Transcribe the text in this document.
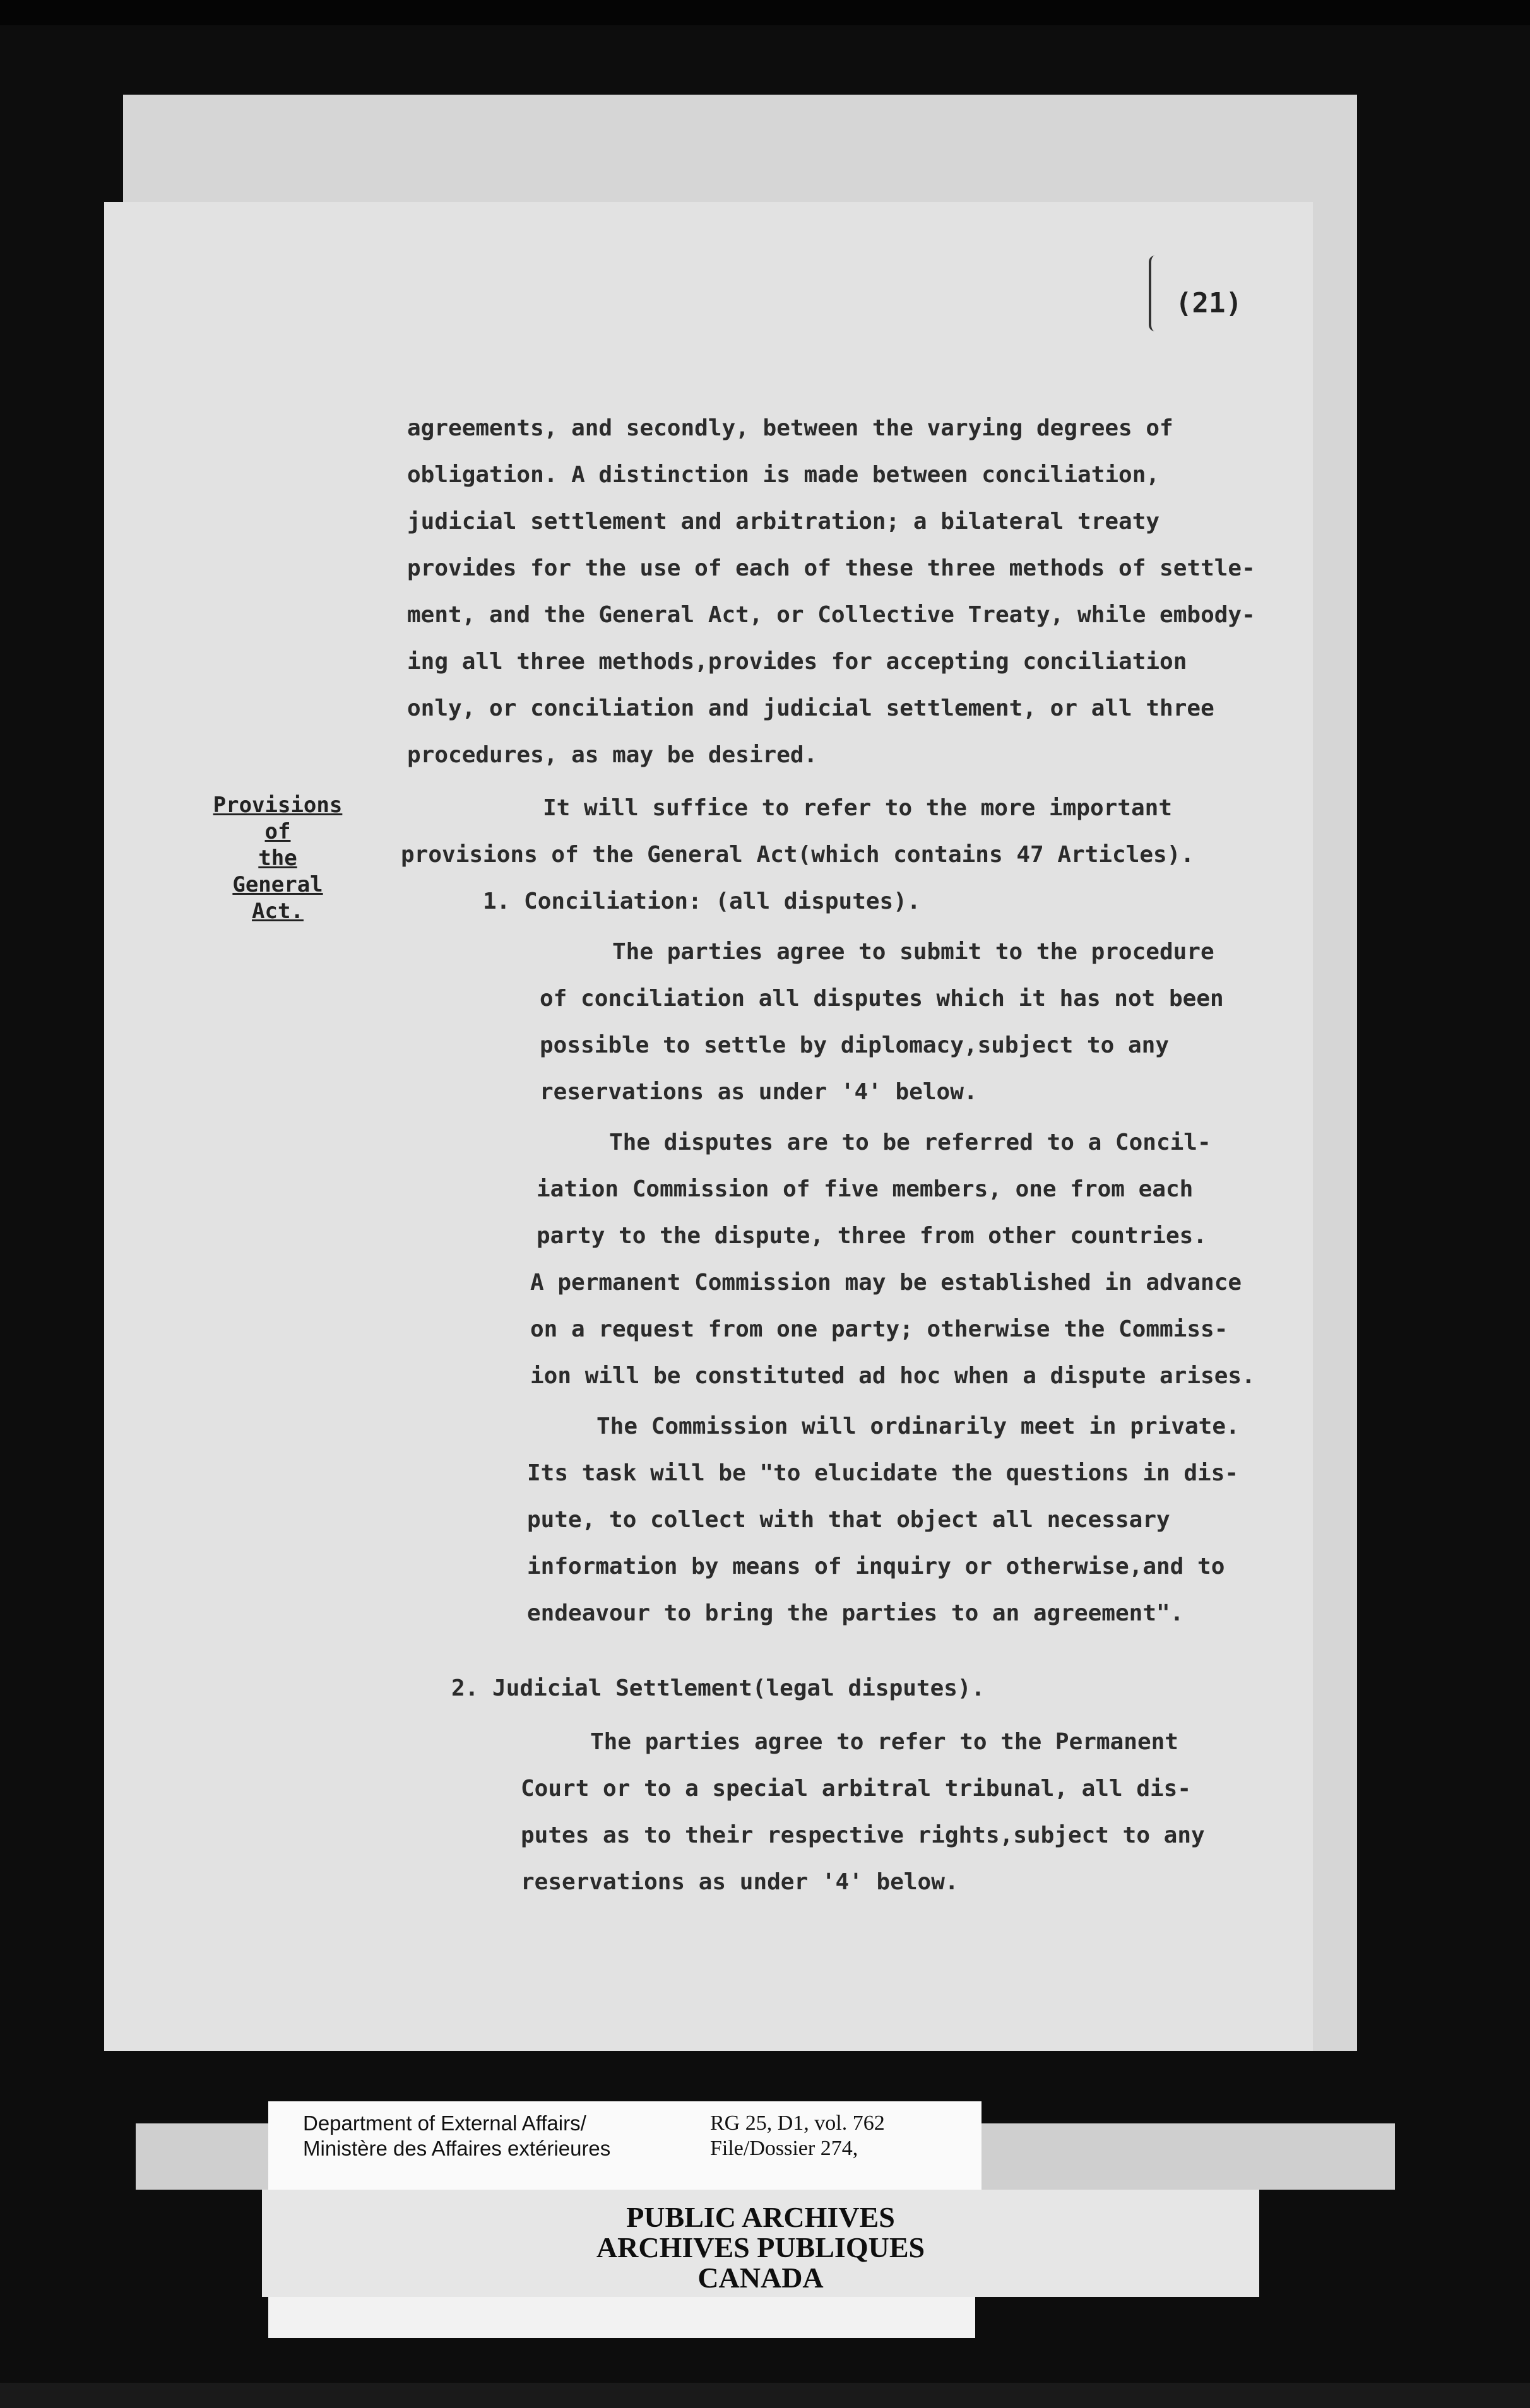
(21)
Provisions
of
the
General
Act.
agreements, and secondly, between the varying degrees of
obligation. A distinction is made between conciliation,
judicial settlement and arbitration; a bilateral treaty
provides for the use of each of these three methods of settle-
ment, and the General Act, or Collective Treaty, while embody-
ing all three methods,provides for accepting conciliation
only, or conciliation and judicial settlement, or all three
procedures, as may be desired.
It will suffice to refer to the more important
provisions of the General Act(which contains 47 Articles).
1. Conciliation: (all disputes).
The parties agree to submit to the procedure
of conciliation all disputes which it has not been
possible to settle by diplomacy,subject to any
reservations as under '4' below.
The disputes are to be referred to a Concil-
iation Commission of five members, one from each
party to the dispute, three from other countries.
A permanent Commission may be established in advance
on a request from one party; otherwise the Commiss-
ion will be constituted ad hoc when a dispute arises.
The Commission will ordinarily meet in private.
Its task will be "to elucidate the questions in dis-
pute, to collect with that object all necessary
information by means of inquiry or otherwise,and to
endeavour to bring the parties to an agreement".
2. Judicial Settlement(legal disputes).
The parties agree to refer to the Permanent
Court or to a special arbitral tribunal, all dis-
putes as to their respective rights,subject to any
reservations as under '4' below.
Department of External Affairs/
Ministère des Affaires extérieures
RG 25, D1, vol. 762
File/Dossier 274,
PUBLIC ARCHIVES
ARCHIVES PUBLIQUES
CANADA
